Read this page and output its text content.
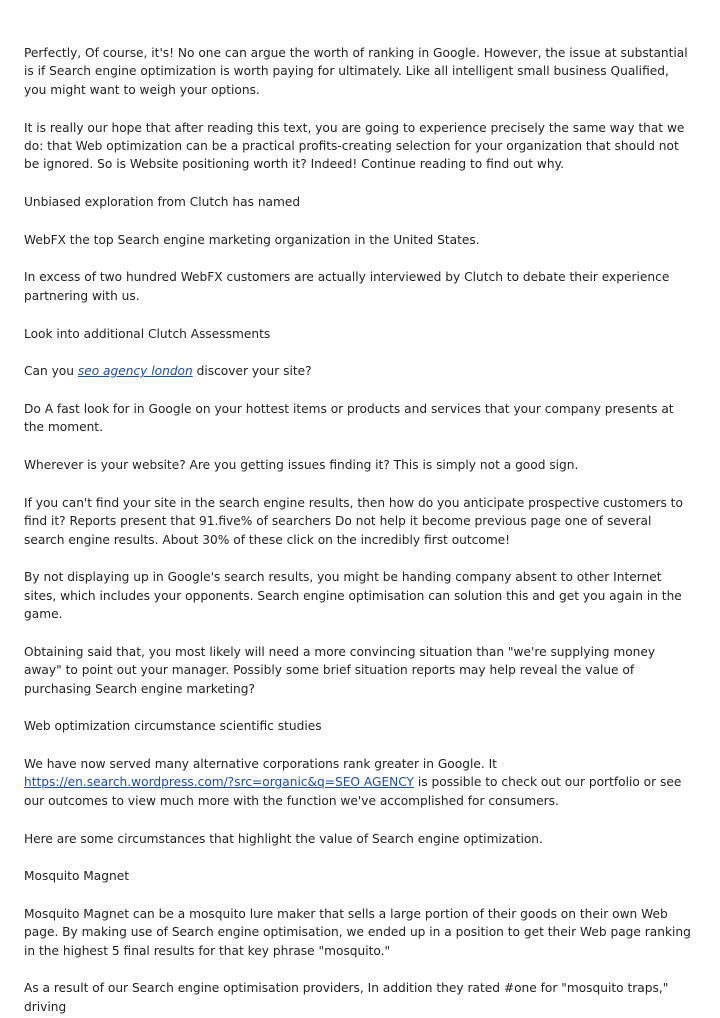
Perfectly, Of course, it's! No one can argue the worth of ranking in Google. However, the issue at substantial is if Search engine optimization is worth paying for ultimately. Like all intelligent small business Qualified, you might want to weigh your options.

It is really our hope that after reading this text, you are going to experience precisely the same way that we do: that Web optimization can be a practical profits-creating selection for your organization that should not be ignored. So is Website positioning worth it? Indeed! Continue reading to find out why.

Unbiased exploration from Clutch has named

WebFX the top Search engine marketing organization in the United States.

In excess of two hundred WebFX customers are actually interviewed by Clutch to debate their experience partnering with us.

Look into additional Clutch Assessments

Can you seo agency london discover your site?

Do A fast look for in Google on your hottest items or products and services that your company presents at the moment.

Wherever is your website? Are you getting issues finding it? This is simply not a good sign.

If you can't find your site in the search engine results, then how do you anticipate prospective customers to find it? Reports present that 91.five% of searchers Do not help it become previous page one of several search engine results. About 30% of these click on the incredibly first outcome!

By not displaying up in Google's search results, you might be handing company absent to other Internet sites, which includes your opponents. Search engine optimisation can solution this and get you again in the game.

Obtaining said that, you most likely will need a more convincing situation than "we're supplying money away" to point out your manager. Possibly some brief situation reports may help reveal the value of purchasing Search engine marketing?

Web optimization circumstance scientific studies

We have now served many alternative corporations rank greater in Google. It https://en.search.wordpress.com/?src=organic&q=SEO AGENCY is possible to check out our portfolio or see our outcomes to view much more with the function we've accomplished for consumers.

Here are some circumstances that highlight the value of Search engine optimization.

Mosquito Magnet

Mosquito Magnet can be a mosquito lure maker that sells a large portion of their goods on their own Web page. By making use of Search engine optimisation, we ended up in a position to get their Web page ranking in the highest 5 final results for that key phrase "mosquito."

As a result of our Search engine optimisation providers, In addition they rated #one for "mosquito traps," driving
